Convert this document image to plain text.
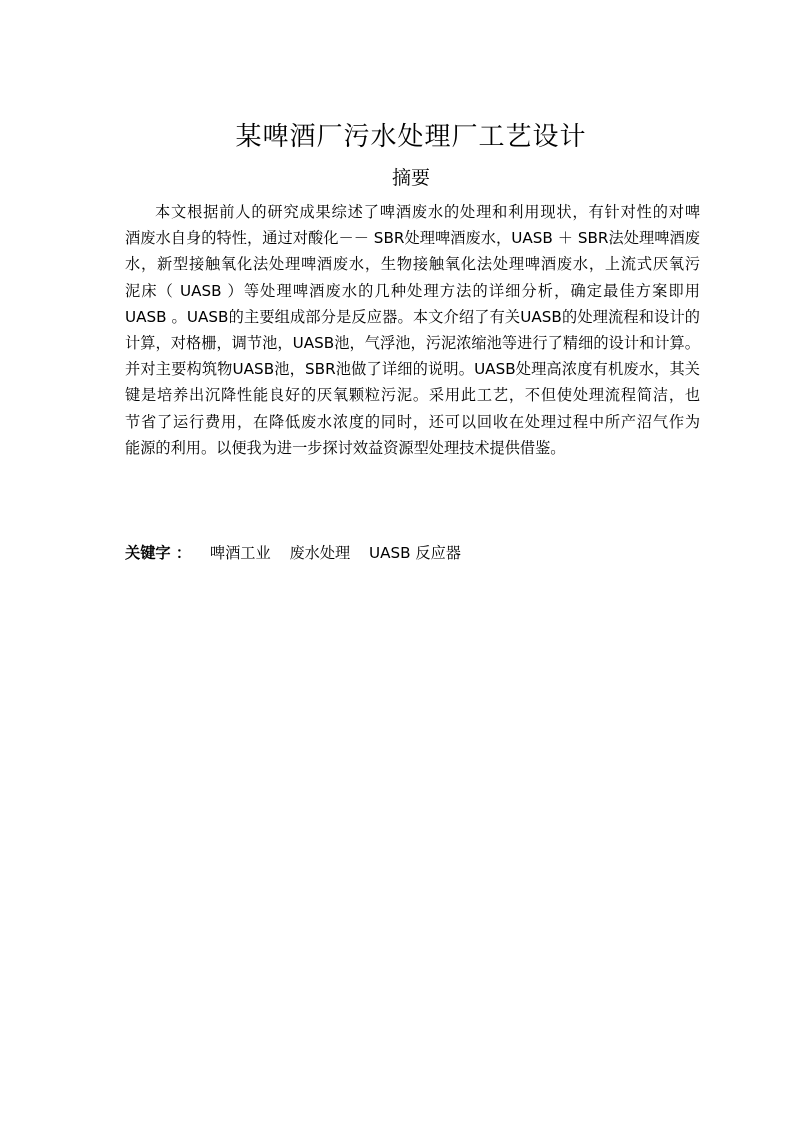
某啤酒厂污水处理厂工艺设计
摘要
本文根据前人的研究成果综述了啤酒废水的处理和利用现状，有针对性的对啤
酒废水自身的特性，通过对酸化－－ SBR处理啤酒废水，UASB ＋ SBR法处理啤酒废
水，新型接触氧化法处理啤酒废水，生物接触氧化法处理啤酒废水，上流式厌氧污
泥床（ UASB ）等处理啤酒废水的几种处理方法的详细分析，确定最佳方案即用
UASB 。UASB的主要组成部分是反应器。本文介绍了有关UASB的处理流程和设计的
计算，对格栅，调节池，UASB池，气浮池，污泥浓缩池等进行了精细的设计和计算。
并对主要构筑物UASB池，SBR池做了详细的说明。UASB处理高浓度有机废水，其关
键是培养出沉降性能良好的厌氧颗粒污泥。采用此工艺，不但使处理流程简洁，也
节省了运行费用，在降低废水浓度的同时，还可以回收在处理过程中所产沼气作为
能源的利用。以便我为进一步探讨效益资源型处理技术提供借鉴。
关键字 ： 啤酒工业 废水处理 UASB 反应器
